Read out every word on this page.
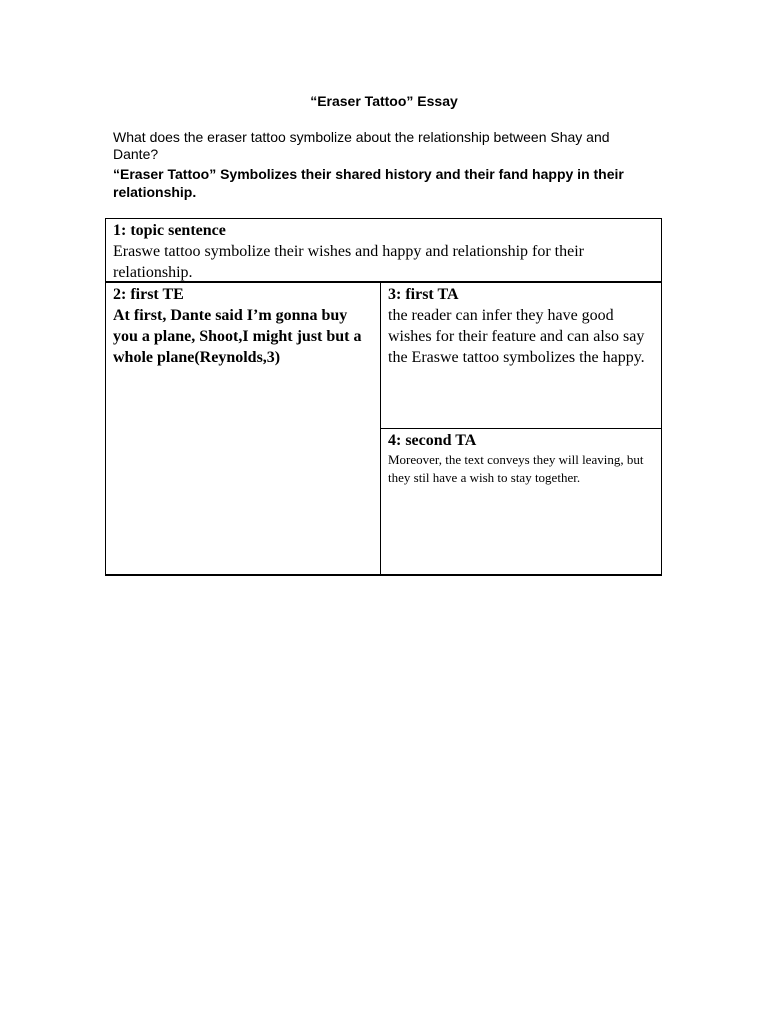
“Eraser Tattoo” Essay
What does the eraser tattoo symbolize about the relationship between Shay and Dante?
“Eraser Tattoo” Symbolizes their shared history and their fand happy in their relationship.
1: topic sentence
Eraswe tattoo symbolize their wishes and happy and relationship for their relationship.
2: first TE
At first, Dante said I’m gonna buy you a plane, Shoot,I might just but a whole plane(Reynolds,3)
3: first TA
the reader can infer they have good wishes for their feature and can also say the Eraswe tattoo symbolizes the happy.
4: second TA
Moreover, the text conveys they will leaving, but they stil have a wish to stay together.
